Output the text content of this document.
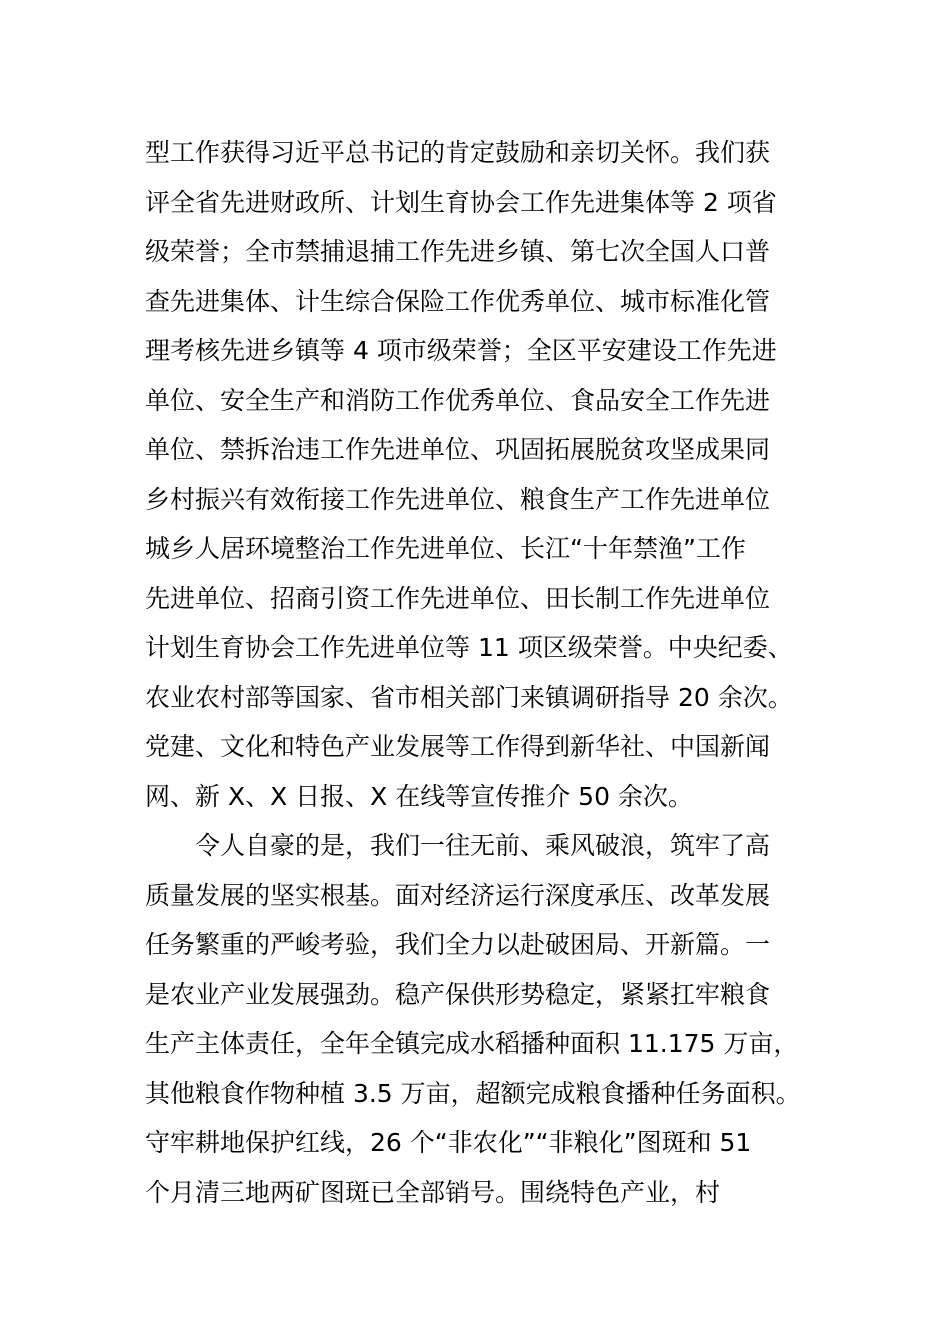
型工作获得习近平总书记的肯定鼓励和亲切关怀。我们获
评全省先进财政所、计划生育协会工作先进集体等 2 项省
级荣誉；全市禁捕退捕工作先进乡镇、第七次全国人口普
查先进集体、计生综合保险工作优秀单位、城市标准化管
理考核先进乡镇等 4 项市级荣誉；全区平安建设工作先进
单位、安全生产和消防工作优秀单位、食品安全工作先进
单位、禁拆治违工作先进单位、巩固拓展脱贫攻坚成果同
乡村振兴有效衔接工作先进单位、粮食生产工作先进单位
城乡人居环境整治工作先进单位、长江“十年禁渔”工作
先进单位、招商引资工作先进单位、田长制工作先进单位
计划生育协会工作先进单位等 11 项区级荣誉。中央纪委、
农业农村部等国家、省市相关部门来镇调研指导 20 余次。
党建、文化和特色产业发展等工作得到新华社、中国新闻
网、新 X、X 日报、X 在线等宣传推介 50 余次。
令人自豪的是，我们一往无前、乘风破浪，筑牢了高
质量发展的坚实根基。面对经济运行深度承压、改革发展
任务繁重的严峻考验，我们全力以赴破困局、开新篇。一
是农业产业发展强劲。稳产保供形势稳定，紧紧扛牢粮食
生产主体责任，全年全镇完成水稻播种面积 11.175 万亩，
其他粮食作物种植 3.5 万亩，超额完成粮食播种任务面积。
守牢耕地保护红线，26 个“非农化”“非粮化”图斑和 51
个月清三地两矿图斑已全部销号。围绕特色产业，村
